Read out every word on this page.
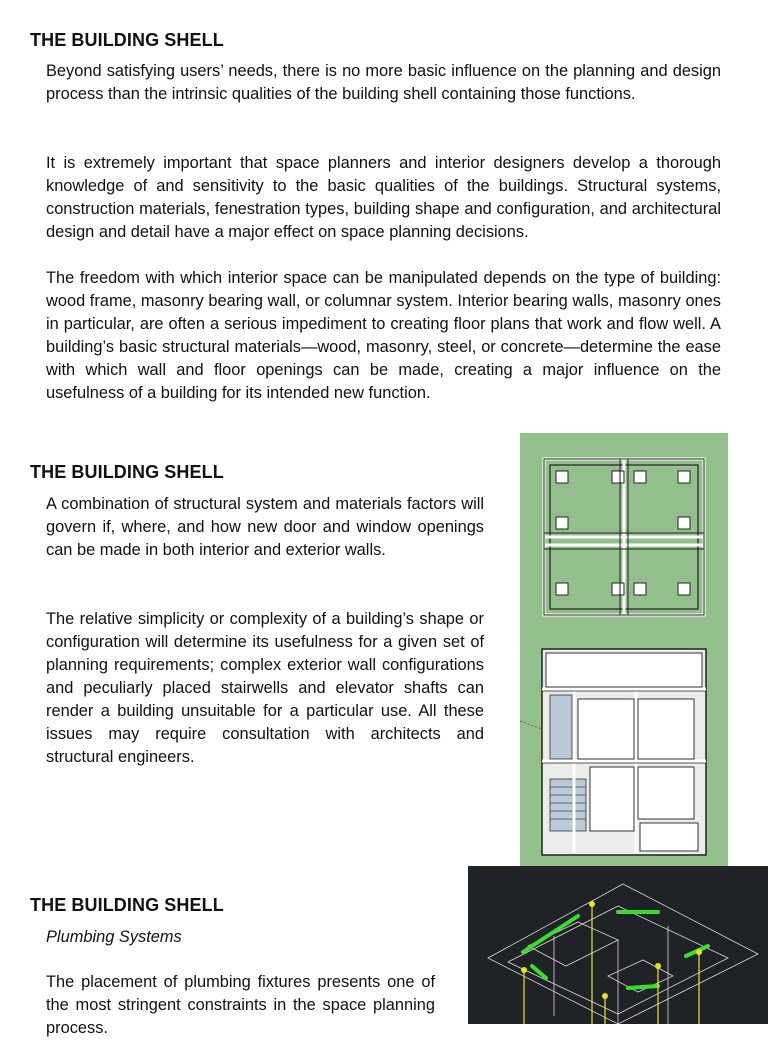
THE BUILDING SHELL

Beyond satisfying users’ needs, there is no more basic influence on the planning and design process than the intrinsic qualities of the building shell containing those functions.

It is extremely important that space planners and interior designers develop a thorough knowledge of and sensitivity to the basic qualities of the buildings. Structural systems, construction materials, fenestration types, building shape and configuration, and architectural design and detail have a major effect on space planning decisions.

The freedom with which interior space can be manipulated depends on the type of building: wood frame, masonry bearing wall, or columnar system. Interior bearing walls, masonry ones in particular, are often a serious impediment to creating floor plans that work and flow well. A building’s basic structural materials—wood, masonry, steel, or concrete—determine the ease with which wall and floor openings can be made, creating a major influence on the usefulness of a building for its intended new function.

THE BUILDING SHELL

A combination of structural system and materials factors will govern if, where, and how new door and window openings can be made in both interior and exterior walls.

The relative simplicity or complexity of a building’s shape or configuration will determine its usefulness for a given set of planning requirements; complex exterior wall configurations and peculiarly placed stairwells and elevator shafts can render a building unsuitable for a particular use. All these issues may require consultation with architects and structural engineers.

THE BUILDING SHELL

Plumbing Systems

The placement of plumbing fixtures presents one of the most stringent constraints in the space planning process.
